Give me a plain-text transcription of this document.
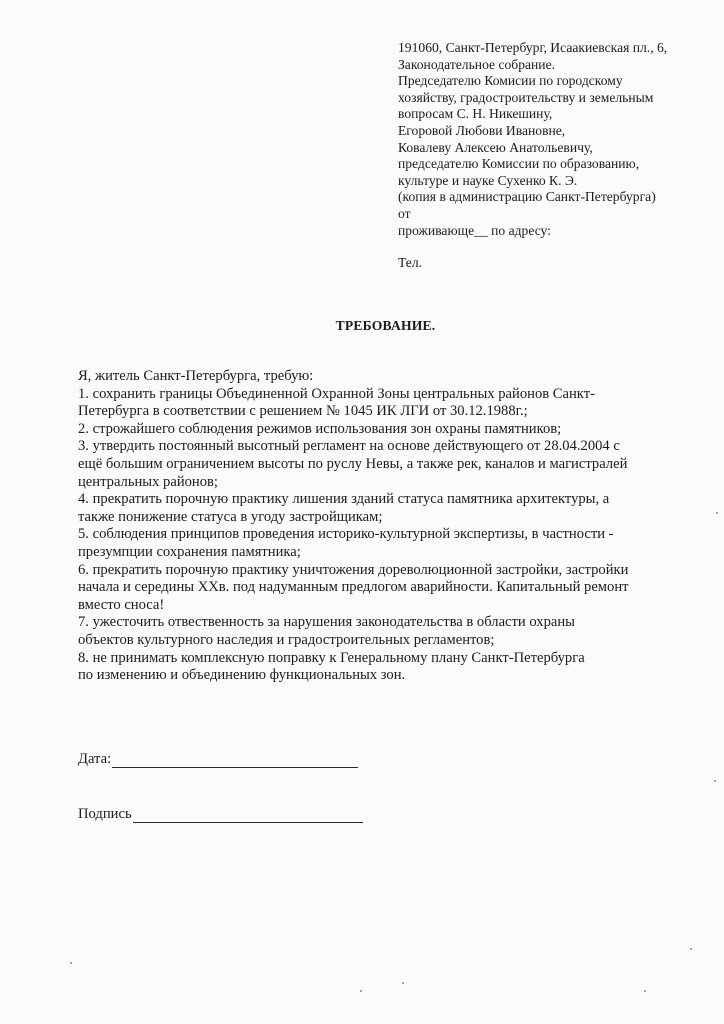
191060, Санкт-Петербург, Исаакиевская пл., 6,
Законодательное собрание.
Председателю Комисии по городскому
хозяйству, градостроительству и земельным
вопросам С. Н. Никешину,
Егоровой Любови Ивановне,
Ковалеву Алексею Анатольевичу,
председателю Комиссии по образованию,
культуре и науке Сухенко К. Э.
(копия в администрацию Санкт-Петербурга)
от
проживающе__ по адресу:
Тел.
ТРЕБОВАНИЕ.
Я, житель Санкт-Петербурга, требую:
1. сохранить границы Объединенной Охранной Зоны центральных районов Санкт-
Петербурга в соответствии с решением № 1045 ИК ЛГИ от 30.12.1988г.;
2. строжайшего соблюдения режимов использования зон охраны памятников;
3. утвердить постоянный высотный регламент на основе действующего от 28.04.2004 с
ещё большим ограничением высоты по руслу Невы, а также рек, каналов и магистралей
центральных районов;
4. прекратить порочную практику лишения зданий статуса памятника архитектуры, а
также понижение статуса в угоду застройщикам;
5. соблюдения принципов проведения историко-культурной экспертизы, в частности -
презумпции сохранения памятника;
6. прекратить порочную практику уничтожения дореволюционной застройки, застройки
начала и середины XXв. под надуманным предлогом аварийности. Капитальный ремонт
вместо сноса!
7. ужесточить отвественность за нарушения законодательства в области охраны
объектов культурного наследия и градостроительных регламентов;
8. не принимать комплексную поправку к Генеральному плану Санкт-Петербурга
по изменению и объединению функциональных зон.
Дата:
Подпись
